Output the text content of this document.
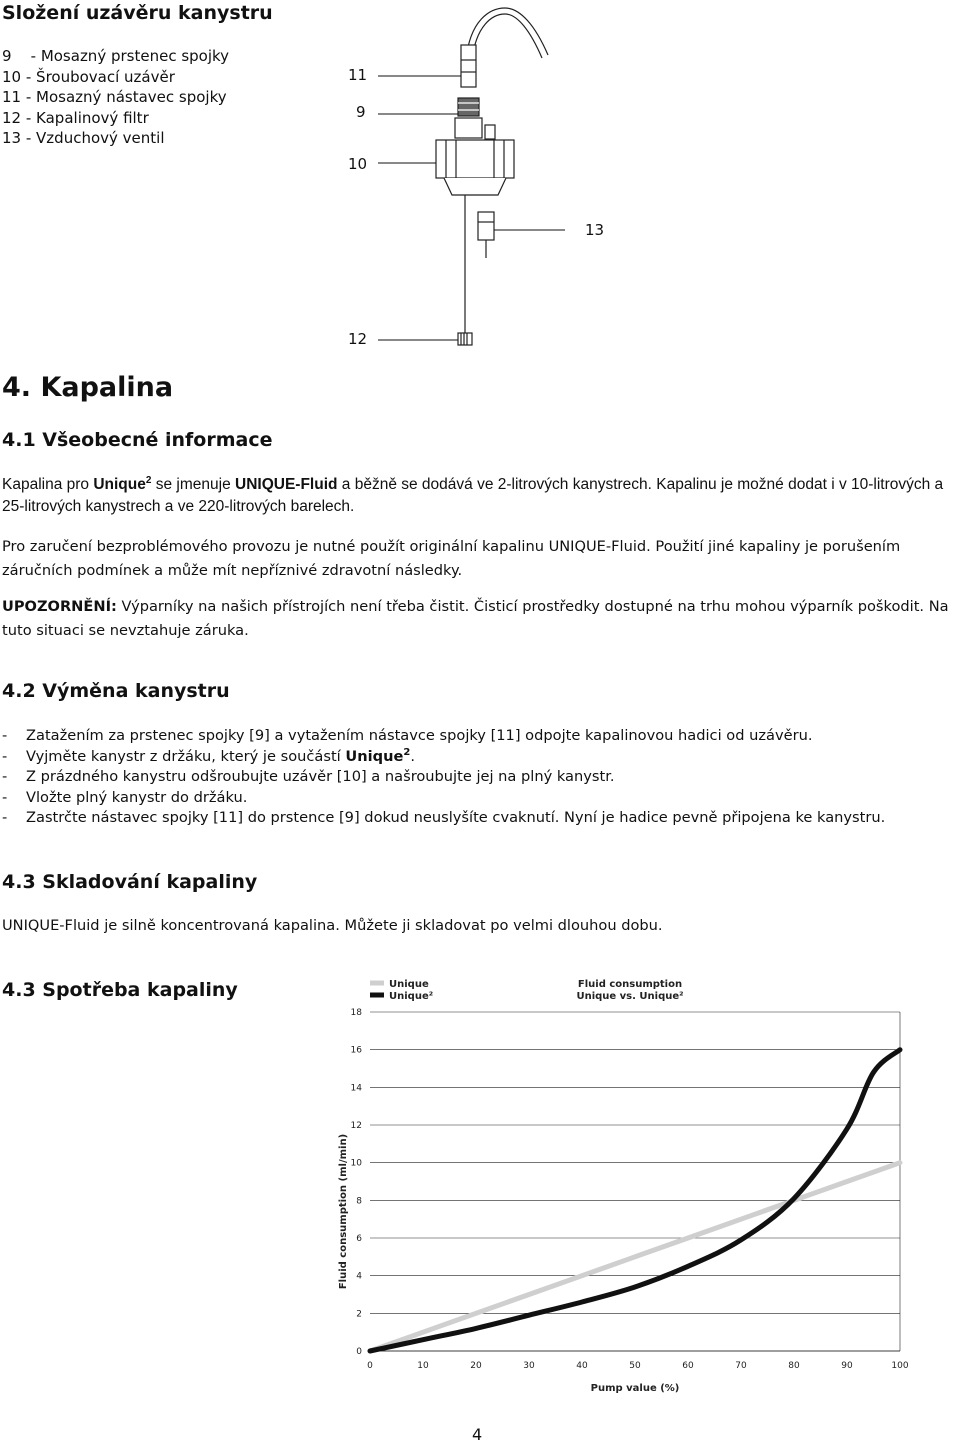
Složení uzávěru kanystru
9    - Mosazný prstenec spojky
10 - Šroubovací uzávěr
11 - Mosazný nástavec spojky
12 - Kapalinový filtr
13 - Vzduchový ventil
11
9
10
13
12
4. Kapalina
4.1 Všeobecné informace
Kapalina pro Unique$^2$ se jmenuje UNIQUE-Fluid a běžně se dodává ve 2-litrových kanystrech. Kapalinu je možné dodat i v 10-litrových a 25-litrových kanystrech a ve 220-litrových barelech.
Pro zaručení bezproblémového provozu je nutné použít originální kapalinu UNIQUE-Fluid. Použití jiné kapaliny je porušením záručních podmínek a může mít nepříznivé zdravotní následky.
UPOZORNĚNÍ: Výparníky na našich přístrojích není třeba čistit. Čisticí prostředky dostupné na trhu mohou výparník poškodit. Na tuto situaci se nevztahuje záruka.
4.2 Výměna kanystru
- Zatažením za prstenec spojky [9] a vytažením nástavce spojky [11] odpojte kapalinovou hadici od uzávěru.
- Vyjměte kanystr z držáku, který je součástí Unique$^2$.
- Z prázdného kanystru odšroubujte uzávěr [10] a našroubujte jej na plný kanystr.
- Vložte plný kanystr do držáku.
- Zastrčte nástavec spojky [11] do prstence [9] dokud neuslyšíte cvaknutí. Nyní je hadice pevně připojena ke kanystru.
4.3 Skladování kapaliny
UNIQUE-Fluid je silně koncentrovaná kapalina. Můžete ji skladovat po velmi dlouhou dobu.
4.3 Spotřeba kapaliny
0
2
4
6
8
10
12
14
16
18
0	10	20	30	40	50	60	70	80	90	100
Unique
Unique²
Fluid consumption
Unique vs. Unique²
Pump value (%)
Fluid consumption (ml/min)
4
